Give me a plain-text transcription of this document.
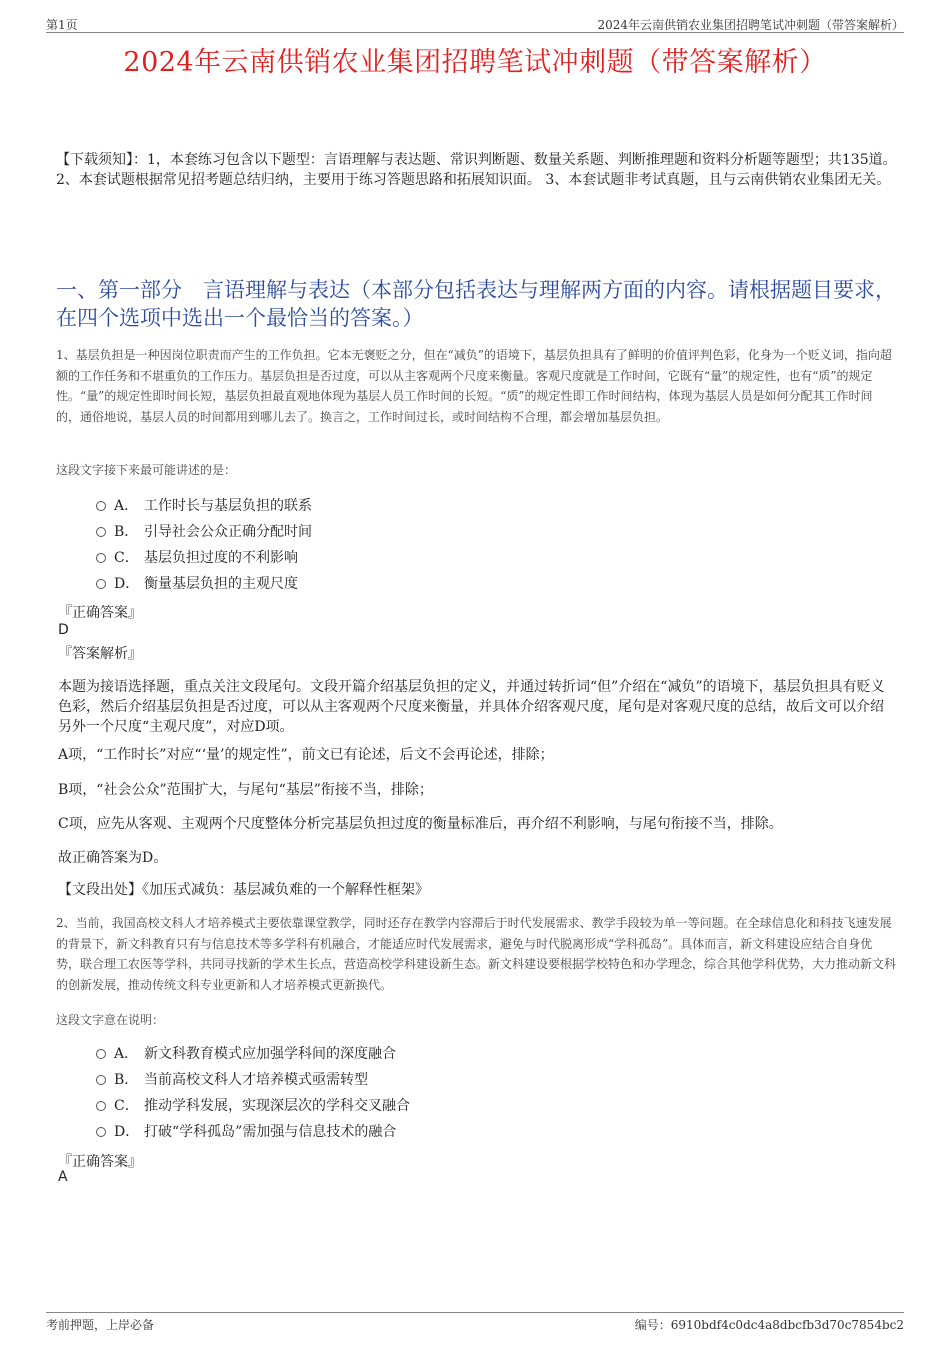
第1页	2024年云南供销农业集团招聘笔试冲刺题（带答案解析）
2024年云南供销农业集团招聘笔试冲刺题（带答案解析）
【下载须知】：1，本套练习包含以下题型：言语理解与表达题、常识判断题、数量关系题、判断推理题和资料分析题等题型；共135道。 2、本套试题根据常见招考题总结归纳，主要用于练习答题思路和拓展知识面。 3、本套试题非考试真题，且与云南供销农业集团无关。
一、第一部分　言语理解与表达（本部分包括表达与理解两方面的内容。请根据题目要求，在四个选项中选出一个最恰当的答案。）
1、基层负担是一种因岗位职责而产生的工作负担。它本无褒贬之分，但在“减负”的语境下，基层负担具有了鲜明的价值评判色彩，化身为一个贬义词，指向超额的工作任务和不堪重负的工作压力。基层负担是否过度，可以从主客观两个尺度来衡量。客观尺度就是工作时间，它既有“量”的规定性，也有“质”的规定性。“量”的规定性即时间长短，基层负担最直观地体现为基层人员工作时间的长短。“质”的规定性即工作时间结构，体现为基层人员是如何分配其工作时间的，通俗地说，基层人员的时间都用到哪儿去了。换言之，工作时间过长，或时间结构不合理，都会增加基层负担。
这段文字接下来最可能讲述的是：
A． 工作时长与基层负担的联系
B． 引导社会公众正确分配时间
C． 基层负担过度的不利影响
D． 衡量基层负担的主观尺度
『正确答案』
D
『答案解析』
本题为接语选择题，重点关注文段尾句。文段开篇介绍基层负担的定义，并通过转折词“但”介绍在“减负”的语境下，基层负担具有贬义色彩，然后介绍基层负担是否过度，可以从主客观两个尺度来衡量，并具体介绍客观尺度，尾句是对客观尺度的总结，故后文可以介绍另外一个尺度“主观尺度”，对应D项。
A项，“工作时长”对应“‘量’的规定性”，前文已有论述，后文不会再论述，排除；
B项，“社会公众”范围扩大，与尾句“基层”衔接不当，排除；
C项，应先从客观、主观两个尺度整体分析完基层负担过度的衡量标准后，再介绍不利影响，与尾句衔接不当，排除。
故正确答案为D。
【文段出处】《加压式减负：基层减负难的一个解释性框架》
2、当前，我国高校文科人才培养模式主要依靠课堂教学，同时还存在教学内容滞后于时代发展需求、教学手段较为单一等问题。在全球信息化和科技飞速发展的背景下，新文科教育只有与信息技术等多学科有机融合，才能适应时代发展需求，避免与时代脱离形成“学科孤岛”。具体而言，新文科建设应结合自身优势，联合理工农医等学科，共同寻找新的学术生长点，营造高校学科建设新生态。新文科建设要根据学校特色和办学理念，综合其他学科优势，大力推动新文科的创新发展，推动传统文科专业更新和人才培养模式更新换代。
这段文字意在说明：
A． 新文科教育模式应加强学科间的深度融合
B． 当前高校文科人才培养模式亟需转型
C． 推动学科发展，实现深层次的学科交叉融合
D． 打破“学科孤岛”需加强与信息技术的融合
『正确答案』
A
考前押题，上岸必备	编号：6910bdf4c0dc4a8dbcfb3d70c7854bc2
